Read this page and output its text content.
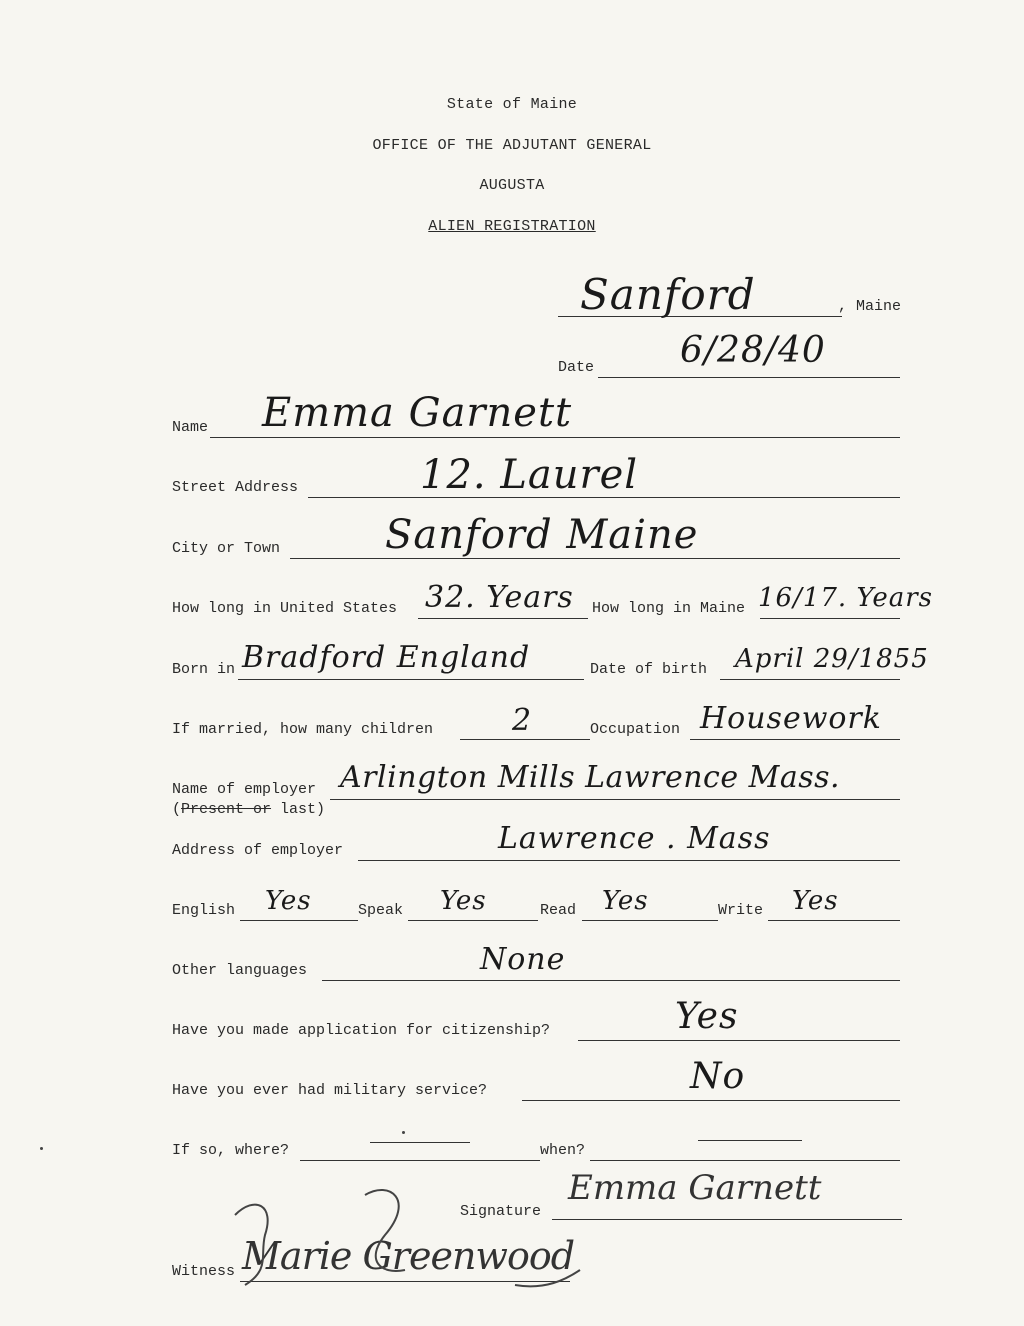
State of Maine
OFFICE OF THE ADJUTANT GENERAL
AUGUSTA
ALIEN REGISTRATION
Sanford	, Maine
Date 6/28/40
Name Emma Garnett
Street Address	12. Laurel
City or Town	Sanford Maine
How long in United States 32. Years How long in Maine 16/17. Years
Born in Bradford England	Date of birth April 29/1855
If married, how many children	2	Occupation Housework
Name of employer Arlington Mills Lawrence Mass.
(Present or last)
Address of employer	Lawrence . Mass
English Yes	Speak Yes	Read Yes	Write Yes
Other languages	None
Have you made application for citizenship?	Yes
Have you ever had military service?	No
If so, where?	when?
Signature
Emma Garnett
Witness Marie Greenwood
